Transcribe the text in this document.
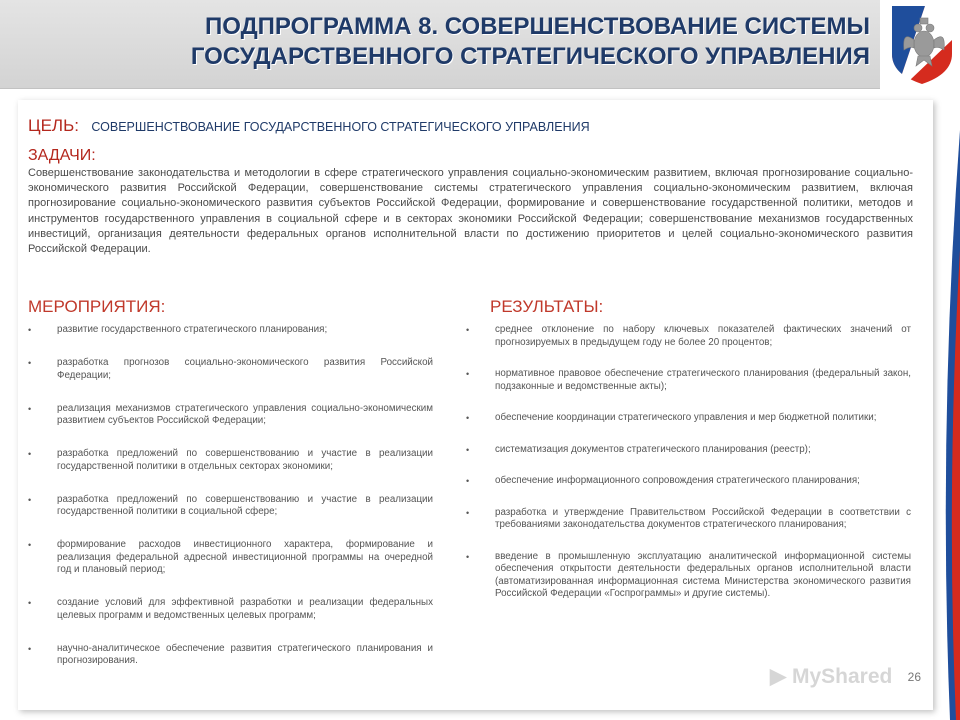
ПОДПРОГРАММА 8. СОВЕРШЕНСТВОВАНИЕ СИСТЕМЫ
ГОСУДАРСТВЕННОГО СТРАТЕГИЧЕСКОГО УПРАВЛЕНИЯ
ЦЕЛЬ: СОВЕРШЕНСТВОВАНИЕ ГОСУДАРСТВЕННОГО СТРАТЕГИЧЕСКОГО УПРАВЛЕНИЯ
ЗАДАЧИ:
Совершенствование законодательства и методологии в сфере стратегического управления социально-экономическим развитием, включая прогнозирование социально-экономического развития Российской Федерации, совершенствование системы стратегического управления социально-экономическим развитием, включая прогнозирование социально-экономического развития субъектов Российской Федерации, формирование и совершенствование государственной политики, методов и инструментов государственного управления в социальной сфере и в секторах экономики Российской Федерации; совершенствование механизмов государственных инвестиций, организация деятельности федеральных органов исполнительной власти по достижению приоритетов и целей социально-экономического развития Российской Федерации.
МЕРОПРИЯТИЯ:
•	развитие государственного стратегического планирования;
•	разработка прогнозов социально-экономического развития Российской Федерации;
•	реализация механизмов стратегического управления социально-экономическим развитием субъектов Российской Федерации;
•	разработка предложений по совершенствованию и участие в реализации государственной политики в отдельных секторах экономики;
•	разработка предложений по совершенствованию и участие в реализации государственной политики в социальной сфере;
•	формирование расходов инвестиционного характера, формирование и реализация федеральной адресной инвестиционной программы на очередной год и плановый период;
•	создание условий для эффективной разработки и реализации федеральных целевых программ и ведомственных целевых программ;
•	научно-аналитическое обеспечение развития стратегического планирования и прогнозирования.
РЕЗУЛЬТАТЫ:
•	среднее отклонение по набору ключевых показателей фактических значений от прогнозируемых в предыдущем году не более 20 процентов;
•	нормативное правовое обеспечение стратегического планирования (федеральный закон, подзаконные и ведомственные акты);
•	обеспечение координации стратегического управления и мер бюджетной политики;
•	систематизация документов стратегического планирования (реестр);
•	обеспечение информационного сопровождения стратегического планирования;
•	разработка и утверждение Правительством Российской Федерации в соответствии с требованиями законодательства документов стратегического планирования;
•	введение в промышленную эксплуатацию аналитической информационной системы обеспечения открытости деятельности федеральных органов исполнительной власти (автоматизированная информационная система Министерства экономического развития Российской Федерации «Госпрограммы» и другие системы).
26
▶ MyShared
